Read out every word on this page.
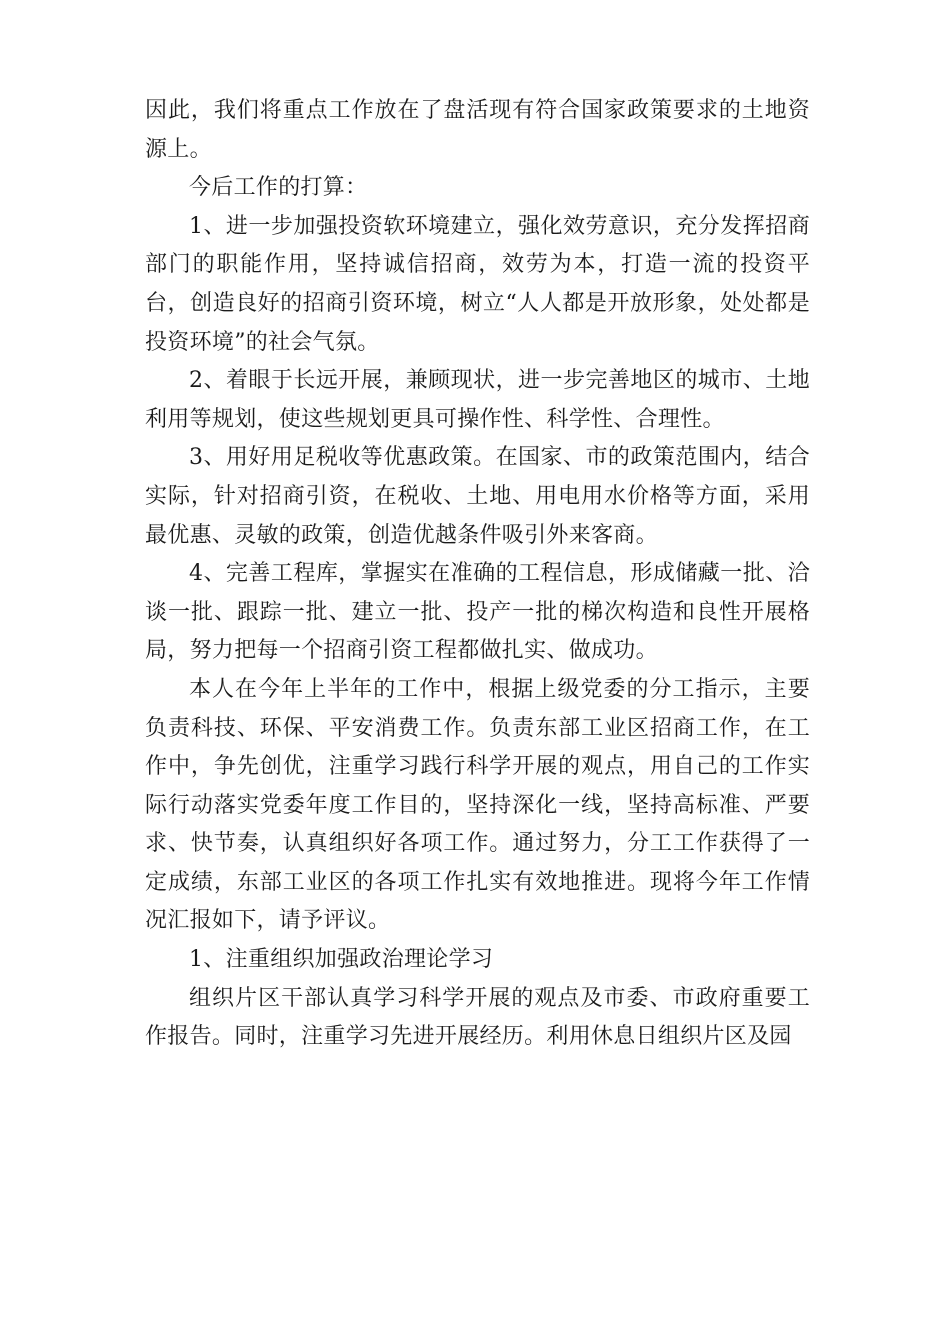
因此，我们将重点工作放在了盘活现有符合国家政策要求的土地资源上。

今后工作的打算：

1、进一步加强投资软环境建立，强化效劳意识，充分发挥招商部门的职能作用，坚持诚信招商，效劳为本，打造一流的投资平台，创造良好的招商引资环境，树立“人人都是开放形象，处处都是投资环境”的社会气氛。

2、着眼于长远开展，兼顾现状，进一步完善地区的城市、土地利用等规划，使这些规划更具可操作性、科学性、合理性。

3、用好用足税收等优惠政策。在国家、市的政策范围内，结合实际，针对招商引资，在税收、土地、用电用水价格等方面，采用最优惠、灵敏的政策，创造优越条件吸引外来客商。

4、完善工程库，掌握实在准确的工程信息，形成储藏一批、洽谈一批、跟踪一批、建立一批、投产一批的梯次构造和良性开展格局，努力把每一个招商引资工程都做扎实、做成功。

本人在今年上半年的工作中，根据上级党委的分工指示，主要负责科技、环保、平安消费工作。负责东部工业区招商工作，在工作中，争先创优，注重学习践行科学开展的观点，用自己的工作实际行动落实党委年度工作目的，坚持深化一线，坚持高标准、严要求、快节奏，认真组织好各项工作。通过努力，分工工作获得了一定成绩，东部工业区的各项工作扎实有效地推进。现将今年工作情况汇报如下，请予评议。

1、注重组织加强政治理论学习

组织片区干部认真学习科学开展的观点及市委、市政府重要工作报告。同时，注重学习先进开展经历。利用休息日组织片区及园
